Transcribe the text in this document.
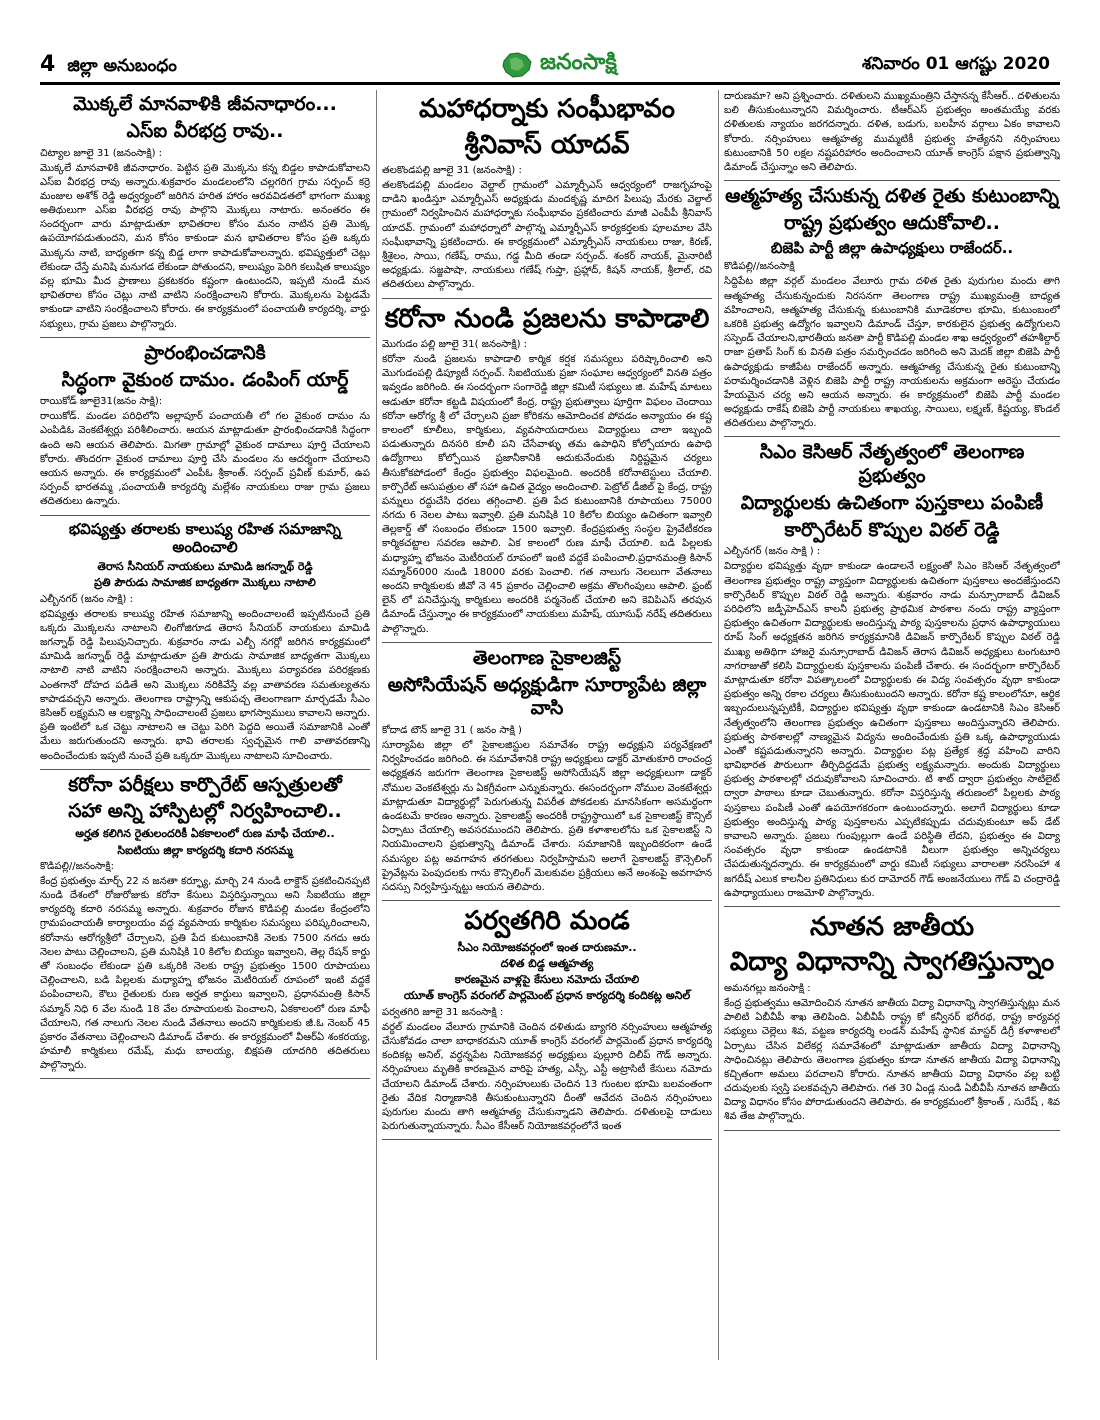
4 జిల్లా అనుబంధం	జనంసాక్షి	శనివారం 01 ఆగష్టు 2020
మొక్కలే మానవాళికి జీవనాధారం...
ఎస్ఐ వీరభద్ర రావు..
చిట్యాల జూలై 31 (జనంసాక్షి) :
మొక్కలే మానవాళికి జీవనాధారం. పెట్టిన ప్రతి మొక్కను కన్న బిడ్డల కాపాడుకోవాలని ఎస్ఐ వీరభద్ర రావు అన్నారు.శుక్రవారం మండలంలోని చల్లగరిగ గ్రామ సర్పంచ్ కర్రె మంజుల అశోక్ రెడ్డి అధ్వర్యంలో జరిగిన హరిత హారం ఆరవవిడతలో భాగంగా ముఖ్య అతిథులుగా ఎస్ఐ వీరభద్ర రావు పాల్గొని మొక్కలు నాటారు. అనంతరం ఈ సందర్భంగా వారు మాట్లాడుతూ భావితరాల కోసం మనం నాటిన ప్రతి మొక్క ఉపయోగపడుతుందని, మన కోసం కాకుండా మన భావితరాల కోసం ప్రతి ఒక్కరు మొక్కను నాటి, బాధ్యతగా కన్న బిడ్డ లాగా కాపాడుకోవాలన్నారు. భవిష్యత్తులో చెట్లు లేకుండా చేస్తే మనిషి మనుగడ లేకుండా పోతుందని, కాలుష్యం పెరిగి కలుషిత కాలుష్యం వల్ల భూమి మీద ప్రాణాలు ప్రకటకరం కష్టంగా ఉంటుందని, ఇప్పటి నుండే మన భావితరాల కోసం చెట్లు నాటి వాటిని సంరక్షించాలని కోరారు. మొక్కలను పెట్టడమే కాకుండా వాటిని సంరక్షించాలని కోరారు. ఈ కార్యక్రమంలో పంచాయతీ కార్యదర్శి, వార్డు సభ్యులు, గ్రామ ప్రజలు పాల్గొన్నారు.
ప్రారంభించడానికి
సిద్ధంగా వైకుంఠ దామం. డంపింగ్ యార్డ్
రాయికోడ్ జూలై31(జనం సాక్షి):
రాయికోడ్. మండల పరిధిలోని అల్లాపూర్ పంచాయతీ లో గల వైకుంఠ దామం ను ఎంపిడిఓ వెంకటేశ్వర్లు పరిశీలించారు. ఆయన మాట్లాడుతూ ప్రారంభించడానికి సిద్ధంగా ఉంది అని ఆయన తెలిపారు. మిగతా గ్రామాల్లో వైకుంఠ దామాలు పూర్తి చేయాలని కోరారు. తొందరగా వైకుంఠ దామాలు పూర్తి చేసి మండలం ను ఆదర్శంగా చేయాలని ఆయన అన్నారు. ఈ కార్యక్రమంలో ఎంపీఓ శ్రీకాంత్. సర్పంచ్ ప్రవీణ్ కుమార్, ఉప సర్పంచ్ భారతమ్మ ,పంచాయతీ కార్యదర్శి మల్లేశం నాయకులు రాజు గ్రామ ప్రజలు తదితరులు ఉన్నారు.
భవిష్యత్తు తరాలకు కాలుష్య రహిత సమాజాన్ని అందించాలి
తెరాస సీనియర్ నాయకులు మామిడి జగన్నాథ్ రెడ్డి
ప్రతి పౌరుడు సామాజిక బాధ్యతగా మొక్కలు నాటాలి
ఎల్బీనగర్ (జనం సాక్షి) :
భవిష్యత్తు తరాలకు కాలుష్య రహిత సమాజాన్ని అందించాలంటే ఇప్పటినుంచే ప్రతి ఒక్కరు మొక్కలను నాటాలని లింగోజిగూడ తెరాస సీనియర్ నాయకులు మామిడి జగన్నాథ్ రెడ్డి పిలుపునిచ్చారు. శుక్రవారం నాడు ఎల్బీ నగర్లో జరిగిన కార్యక్రమంలో మామిడి జగన్నాథ్ రెడ్డి మాట్లాడుతూ ప్రతి పౌరుడు సామాజిక బాధ్యతగా మొక్కలు నాటాలి నాటి వాటిని సంరక్షించాలని అన్నారు. మొక్కలు పర్యావరణ పరిరక్షణకు ఎంతగానో దోహద పడితే అని మొక్కలు నరికివేస్తే వల్ల వాతావరణ సమతుల్యతను కాపాడవచ్చని అన్నారు. తెలంగాణ రాష్ట్రాన్ని ఆకుపచ్చ తెలంగాణగా మార్చడమే సీఎం కెసిఆర్ లక్ష్యమని ఆ లక్ష్యాన్ని సాధించాలంటే ప్రజలు భాగస్వాములు కావాలని అన్నారు. ప్రతి ఇంటిలో ఒక చెట్టు నాటాలని ఆ చెట్టు పెరిగి పెద్దది అయితే సమాజానికి ఎంతో మేలు జరుగుతుందని అన్నారు. భావి తరాలకు స్వచ్ఛమైన గాలి వాతావరణాన్ని అందించేందుకు ఇప్పటి నుంచే ప్రతి ఒక్కరూ మొక్కలు నాటాలని సూచించారు.
కరోనా పరీక్షలు కార్పొరేట్ ఆస్పత్రులతో
సహా అన్ని హాస్పిటల్లో నిర్వహించాలి..
అర్హత కలిగిన రైతులందరికీ ఏకకాలంలో రుణ మాఫీ చేయాలి..
సిఐటియు జిల్లా కార్యదర్శి కదారి నరసమ్మ
కొడిపల్లి//జనంసాక్షి:
కేంద్ర ప్రభుత్వం మార్చ్ 22 న జనతా కర్ఫ్యూ, మార్చి 24 నుండి లాక్డౌన్ ప్రకటించినప్పటి నుండి దేశంలో రోజురోజుకు కరోనా కేసులు విస్తరిస్తున్నాయి అని సిఐటియు జిల్లా కార్యదర్శి కదారి నరసమ్మ అన్నారు. శుక్రవారం రోజున కొడిపల్లి మండల కేంద్రంలోని గ్రామపంచాయతీ కార్యాలయం వద్ద వ్యవసాయ కార్మికుల సమస్యలు పరిష్కరించాలని, కరోనాను ఆరోగ్యశ్రీలో చేర్చాలని, ప్రతి పేద కుటుంబానికి నెలకు 7500 నగదు ఆరు నెలల పాటు చెల్లించాలని, ప్రతి మనిషికి 10 కిలోల బియ్యం ఇవ్వాలని, తెల్ల రేషన్ కార్డు తో సంబంధం లేకుండా ప్రతి ఒక్కరికి నెలకు రాష్ట్ర ప్రభుత్వం 1500 రూపాయలు చెల్లించాలని, బడి పిల్లలకు మధ్యాహ్న భోజనం మెటీరియల్ రూపంలో ఇంటి వద్దకే పంపించాలని, కౌలు రైతులకు రుణ అర్హత కార్డులు ఇవ్వాలని, ప్రధానమంత్రి కిసాన్ సమ్మాన్ నిధి 6 వేల నుండి 18 వేల రూపాయలకు పెంచాలని, ఏకకాలంలో రుణ మాఫీ చేయాలని, గత నాలుగు నెలల నుండి వేతనాలు అందని కార్మికులకు జీ.ఓ నెంబర్ 45 ప్రకారం వేతనాలు చెల్లించాలని డిమాండ్ చేశారు. ఈ కార్యక్రమంలో వీఆర్ఏ శంకరయ్య, హమాలీ కార్మికులు రమేష్, మధు బాలయ్య, బిక్షపతి యాదగిరి తదితరులు పాల్గొన్నారు.
మహాధర్నాకు సంఘీభావం
శ్రీనివాస్ యాదవ్
తలకొండపల్లి జూలై 31 (జనంసాక్షి) :
తలకొండపల్లి మండలం వెల్జాల్ గ్రామంలో ఎమ్మార్పీఎస్ ఆధ్వర్యంలో రాజగృహంపై దాడిని ఖండిస్తూ ఎమ్మార్పీఎస్ అధ్యక్షుడు మందకృష్ణ మాదిగ పిలుపు మేరకు వెల్జాల్ గ్రామంలో నిర్వహించిన మహాధర్నాకు సంఘీభావం ప్రకటించారు మాజీ ఎంపీపీ శ్రీనివాస్ యాదవ్. గ్రామంలో మహాధర్నాలో పాల్గొన్న ఎమ్మార్పీఎస్ కార్యకర్తలకు పూలమాల వేసి సంఘీభావాన్ని ప్రకటించారు. ఈ కార్యక్రమంలో ఎమ్మార్పీఎస్ నాయకులు రాజు, కిరణ్, శ్రీశైలం, సాయి, గణేష్, రాము, గడ్డ మీది తండా సర్పంచ్. శంకర్ నాయక్, మైనారిటీ అధ్యక్షుడు. సజ్జపాషా, నాయకులు గణేష్ గుప్తా, ప్రహ్లాద్, కిషన్ నాయక్, శ్రీలాల్, రవి తదితరులు పాల్గొన్నారు.
కరోనా నుండి ప్రజలను కాపాడాలి
మొగుడం పల్లి జూలై 31( జనంసాక్షి) :
కరోనా నుండి ప్రజలను కాపాడాలి కార్మిక కర్షక సమస్యలు పరిష్కారించాలి అని మొగుడంపల్లి డిప్యూటీ సర్పంచ్. సిఐటియుకు ప్రజా సంఘాల ఆధ్వర్యంలో వినతి పత్రం ఇవ్వడం జరిగింది. ఈ సందర్భంగా సంగారెడ్డి జిల్లా కమిటీ సభ్యులు జి. మహేష్ మాటలు ఆడుతూ కరోనా కట్టడి విషయంలో కేంద్ర, రాష్ట్ర ప్రభుత్వాలు పూర్తిగా విఫలం చెందాయి కరోనా ఆరోగ్య శ్రీ లో చేర్చాలని ప్రజా కోరికను ఆమోదించక పోవడం అన్యాయం ఈ కష్ట కాలంలో కూలీలు, కార్మికులు, వ్యవసాయదారులు విద్యార్థులు చాలా ఇబ్బంది పడుతున్నారు దినసరి కూలీ పని చేసేవాళ్ళు తమ ఉపాధిని కోల్పోయారు ఉపాధి ఉద్యోగాలు కోల్పోయిన ప్రజానీకానికి ఆదుకునేందుకు నిర్దిష్టమైన చర్యలు తీసుకోకపోడంలో కేంద్రం ప్రభుత్వం విఫలమైంది. అందరికీ కరోనాటెస్టులు చేయాలి. కార్పొరేట్ ఆసుపత్రుల తో సహా ఉచిత వైద్యం అందించాలి. పెట్రోల్ డీజిల్ పై కేంద్ర, రాష్ట్ర పన్నులు రద్దుచేసి ధరలు తగ్గించాలి. ప్రతి పేద కుటుంబానికి రూపాయలు 75000 నగదు 6 నెలల పాటు ఇవ్వాలి. ప్రతి మనిషికి 10 కిలోల బియ్యం ఉచితంగా ఇవ్వాలి తెల్లకార్డ్ తో సంబంధం లేకుండా 1500 ఇవ్వాలి. కేంద్రప్రభుత్వ సంస్థల ప్రైవేటీకరణ కార్మికచట్టాల సవరణ ఆపాలి. ఏక కాలంలో రుణ మాఫీ చేయాలి. బడి పిల్లలకు మధ్యాహ్న భోజనం మెటీరియల్ రూపంలో ఇంటి వద్దకే పంపించాలి.ప్రధానమంత్రి కిసాన్ సమ్మాన్6000 నుండి 18000 వరకు పెంచాలి. గత నాలుగు నెలలుగా వేతనాలు అందని కార్మికులకు జీవో నె 45 ప్రకారం చెల్లించాలి అక్రమ తొలగింపులు ఆపాలి. ఫ్రంట్ లైన్ లో పనిచేస్తున్న కార్మికులు అందరికి పర్మనెంట్ చేయాలి అని కెవిపిఎస్ తరపున డిమాండ్ చేస్తున్నాం ఈ కార్యక్రమంలో నాయకులు మహేష్, యూసుఫ్ నరేష్ తదితరులు పాల్గొన్నారు.
తెలంగాణ సైకాలజిస్ట్
అసోసియేషన్ అధ్యక్షుడిగా సూర్యాపేట జిల్లా వాసి
కోదాడ టౌన్ జూలై 31 ( జనం సాక్షి )
సూర్యాపేట జిల్లా లో సైకాలజిస్టుల సమావేశం రాష్ట్ర అధ్యక్షుని పర్యవేక్షణలో నిర్వహించడం జరిగింది. ఈ సమావేశానికి రాష్ట్ర అధ్యక్షులు డాక్టర్ మోతుకూరి రాంచంద్ర అధ్యక్షతన జరుగగా తెలంగాణ సైకాలజిస్ట్ అసోసియేషన్ జిల్లా అధ్యక్షులుగా డాక్టర్ నోముల వెంకటేశ్వర్లు ను ఏకగ్రీవంగా ఎన్నుకున్నారు. ఈసందర్భంగా నోముల వెంకటేశ్వర్లు మాట్లాడుతూ విద్యార్థుల్లో పెరుగుతున్న విపరీత పోకడలకు మానసికంగా అసమర్థంగా ఉండటమే కారణం అన్నారు. సైకాలజిస్ట్ అందరికీ రాష్ట్రస్థాయిలో ఒక సైకాలజిస్ట్ కౌన్సిల్ ఏర్పాటు చేయాల్సి అవసరముందని తెలిపారు. ప్రతి కళాశాలలోను ఒక సైకాలజిస్ట్ ని నియమించాలని ప్రభుత్వాన్ని డిమాండ్ చేశారు. సమాజానికి ఇబ్బందికరంగా ఉండే సమస్యల పట్ల అవగాహన తరగతులు నిర్వహిస్తామని అలాగే సైకాలజిస్ట్ కౌన్సెలింగ్ ప్రైవేట్లను పెంపుదలకు గాను కౌన్సిలింగ్ మెలకువల ప్రక్రియలు అనే అంశంపై అవగాహన సదస్సు నిర్వహిస్తున్నట్టు ఆయన తెలిపారు.
పర్వతగిరి మండ
సీఎం నియోజకవర్గంలో ఇంత దారుణమా..
దళిత బిడ్డ ఆత్మహత్య
కారణమైన వాళ్లపై కేసులు నమోదు చేయాలి
యూత్ కాంగ్రెస్ వరంగల్ పార్లమెంట్ ప్రధాన కార్యదర్శి కందికట్ల అనిల్
పర్వతగిరి జూలై 31 జనంసాక్షి :
వర్ధల్ మండలం వేలూరు గ్రామానికి చెందిన దళితుడు బ్యాగరి నర్సింహులు ఆత్మహత్య చేసుకోవడం చాలా బాధాకరమని యూత్ కాంగ్రెస్ వరంగల్ పార్లమెంట్ ప్రధాన కార్యదర్శి కందికట్ల అనిల్, వర్ధన్నపేట నియోజకవర్గ అధ్యక్షులు పుల్లూరి దిలీప్ గౌడ్ అన్నారు. నర్సింహులు మృతికి కారణమైన వారిపై హత్య, ఎస్సీ, ఎస్టీ అట్రాసిటీ కేసులు నమోదు చేయాలని డిమాండ్ చేశారు. నర్సింహులుకు చెందిన 13 గుంటల భూమి బలవంతంగా రైతు వేదిక నిర్మాణానికి తీసుకుంటున్నారని దీంతో ఆవేదన చెందిన నర్సింహులు పురుగుల మందు తాగి ఆత్మహత్య చేసుకున్నాడని తెలిపారు. దళితులపై దాడులు పెరుగుతున్నాయన్నారు. సీఎం కేసీఆర్ నియోజకవర్గంలోనే ఇంత
దారుణమా? అని ప్రశ్నించారు. దళితులని ముఖ్యమంత్రిని చేస్తానన్న కేసీఆర్.. దళితులను బలి తీసుకుంటున్నారని విమర్శించారు. టీఆర్ఎస్ ప్రభుత్వం అంతమయ్యే వరకు దళితులకు న్యాయం జరగదన్నారు. దళిత, బడుగు, బలహీన వర్గాలు ఏకం కావాలని కోరారు. నర్సింహులు ఆత్మహత్య ముమ్మటికీ ప్రభుత్వ హత్యేనని నర్సింహులు కుటుంబానికి 50 లక్షల నష్టపరిహారం అందించాలని యూత్ కాంగ్రెస్ పక్షాన ప్రభుత్వాన్ని డిమాండ్ చేస్తున్నాం అని తెలిపారు.
ఆత్మహత్య చేసుకున్న దళిత రైతు కుటుంబాన్ని
రాష్ట్ర ప్రభుత్వం ఆదుకోవాలి..
బిజెపి పార్టీ జిల్లా ఉపాధ్యక్షులు రాజేందర్..
కొడిపల్లి//జనంసాక్షి
సిద్దిపేట జిల్లా వర్గల్ మండలం వేలూరు గ్రామ దళిత రైతు పురుగుల మందు తాగి ఆత్మహత్య చేసుకున్నందుకు నిరసనగా తెలంగాణ రాష్ట్ర ముఖ్యమంత్రి బాధ్యత వహించాలని, ఆత్మహత్య చేసుకున్న కుటుంబానికి మూడెకరాల భూమి, కుటుంబంలో ఒకరికి ప్రభుత్వ ఉద్యోగం ఇవ్వాలని డిమాండ్ చేస్తూ, కారకులైన ప్రభుత్వ ఉద్యోగులని సస్పెండ్ చేయాలని,భారతీయ జనతా పార్టీ కొడిపల్లి మండల శాఖ ఆధ్వర్యంలో తహశీల్దార్ రాజా ప్రతాప్ సింగ్ కు వినతి పత్రం సమర్పించడం జరిగింది అని మెదక్ జిల్లా బిజెపి పార్టీ ఉపాధ్యక్షుడు కాజీపేట రాజేందర్ అన్నారు. ఆత్మహత్య చేసుకున్న రైతు కుటుంబాన్ని పరామర్శించడానికి వెళ్లిన బిజెపి పార్టీ రాష్ట్ర నాయకులను అక్రమంగా అరెస్టు చేయడం హేయమైన చర్య అని ఆయన అన్నారు. ఈ కార్యక్రమంలో బిజెపి పార్టీ మండల అధ్యక్షుడు రాకేష్ బిజెపి పార్టీ నాయకులు శాఖయ్య, సాయిలు, లక్ష్మణ్, కిష్టయ్య, కొండల్ తదితరులు పాల్గొన్నారు.
సిఎం కెసిఆర్ నేతృత్వంలో తెలంగాణ ప్రభుత్వం
విద్యార్థులకు ఉచితంగా పుస్తకాలు పంపిణీ
కార్పొరేటర్ కొప్పుల విఠల్ రెడ్డి
ఎల్బీనగర్ (జనం సాక్షి ) :
విద్యార్థుల భవిష్యత్తు వృథా కాకుండా ఉండాలనే లక్ష్యంతో సిఎం కెసిఆర్ నేతృత్వంలో తెలంగాణ ప్రభుత్వం రాష్ట్ర వ్యాప్తంగా విద్యార్థులకు ఉచితంగా పుస్తకాలు అందజేస్తుందని కార్పొరేటర్ కొప్పుల విఠల్ రెడ్డి అన్నారు. శుక్రవారం నాడు మన్సూరాబాద్ డివిజన్ పరిధిలోని జడ్పీహెచ్ఎస్ కాలనీ ప్రభుత్వ ప్రాథమిక పాఠశాల నందు రాష్ట్ర వ్యాప్తంగా ప్రభుత్వం ఉచితంగా విద్యార్థులకు అందిస్తున్న పాఠ్య పుస్తకాలను ప్రధాన ఉపాధ్యాయులు రూప్ సింగ్ అధ్యక్షతన జరిగిన కార్యక్రమానికి డివిజన్ కార్పొరేటర్ కొప్పుల విఠల్ రెడ్డి ముఖ్య అతిథిగా హాజరై మన్సూరాబాద్ డివిజన్ తెరాస డివిజన్ అధ్యక్షులు టంగుటూరి నాగరాజుతో కలిసి విద్యార్థులకు పుస్తకాలను పంపిణీ చేశారు. ఈ సందర్భంగా కార్పొరేటర్ మాట్లాడుతూ కరోనా విపత్కాలంలో విద్యార్థులకు ఈ విద్య సంవత్సరం వృథా కాకుండా ప్రభుత్వం అన్ని రకాల చర్యలు తీసుకుంటుందని అన్నారు. కరోనా కష్ట కాలంలోనూ, ఆర్థిక ఇబ్బందులున్నప్పటికీ, విద్యార్థుల భవిష్యత్తు వృథా కాకుండా ఉండటానికి సిఎం కెసిఆర్ నేతృత్వంలోని తెలంగాణ ప్రభుత్వం ఉచితంగా పుస్తకాలు అందిస్తున్నారని తెలిపారు. ప్రభుత్వ పాఠశాలల్లో నాణ్యమైన విద్యను అందించేందుకు ప్రతి ఒక్క ఉపాధ్యాయుడు ఎంతో కష్టపడుతున్నారని అన్నారు. విద్యార్థుల పట్ల ప్రత్యేక శ్రద్ధ వహించి వారిని భావిభారత పౌరులుగా తీర్చిదిద్దడమే ప్రభుత్వ లక్ష్యమన్నారు. అందుకు విద్యార్థులు ప్రభుత్వ పాఠశాలల్లో చదువుకోవాలని సూచించారు. టి శాట్ ద్వారా ప్రభుత్వం సాటిలైట్ ద్వారా పాఠాలు కూడా చెబుతున్నారు. కరోనా విస్తరిస్తున్న తరుణంలో పిల్లలకు పాఠ్య పుస్తకాలు పంపిణీ ఎంతో ఉపయోగకరంగా ఉంటుందన్నారు. అలాగే విద్యార్థులు కూడా ప్రభుత్వం అందిస్తున్న పాఠ్య పుస్తకాలను ఎప్పటికప్పుడు చదువుకుంటూ అప్ డేట్ కావాలని అన్నారు. ప్రజలు గుంపుల్లుగా ఉండే పరిస్థితి లేదని, ప్రభుత్వం ఈ విద్యా సంవత్సరం వృధా కాకుండా ఉండటానికి వీలుగా ప్రభుత్వం అన్నిచర్యలు చేపడుతున్నదన్నారు. ఈ కార్యక్రమంలో వార్డు కమిటీ సభ్యులు వారాలతా నరసింహా శ జగదీష్ ఎలుక కాలనీల ప్రతినిధులు కుర దామోదర్ గౌడ్ అంజనేయులు గౌడ్ వి చంద్రారెడ్డి ఉపాధ్యాయులు రాజమోళి పాల్గొన్నారు.
నూతన జాతీయ
విద్యా విధానాన్ని స్వాగతిస్తున్నాం
అమనగల్లు జనంసాక్షి :
కేంద్ర ప్రభుత్వము ఆమోదించిన నూతన జాతీయ విద్యా విధానాన్ని స్వాగతిస్తున్నట్లు మన పాలిటి ఏబీవీపీ శాఖ తెలిపింది. ఏబీవీపీ రాష్ట్ర కో కన్వీనర్ భగీరథ, రాష్ట్ర కార్యవర్గ సభ్యులు చెల్లెలు శివ, పట్టణ కార్యదర్శి లండన్ మహేష్ స్థానిక మాస్టర్ డిగ్రీ కళాశాలలో ఏర్పాటు చేసిన విలేకర్ల సమావేశంలో మాట్లాడుతూ జాతీయ విద్యా విధానాన్ని సాధించినట్లు తెలిపారు తెలంగాణ ప్రభుత్వం కూడా నూతన జాతీయ విద్యా విధానాన్ని కచ్చితంగా అమలు పరచాలని కోరారు. నూతన జాతీయ విద్యా విధానం వల్ల బట్టి చదువులకు స్వస్తి పలకవచ్చని తెలిపారు. గత 30 ఏండ్ల నుండి ఏబీవీపీ నూతన జాతీయ విద్యా విధానం కోసం పోరాడుతుందని తెలిపారు. ఈ కార్యక్రమంలో శ్రీకాంత్ , సురేష్ , శివ శివ తేజ పాల్గొన్నారు.
